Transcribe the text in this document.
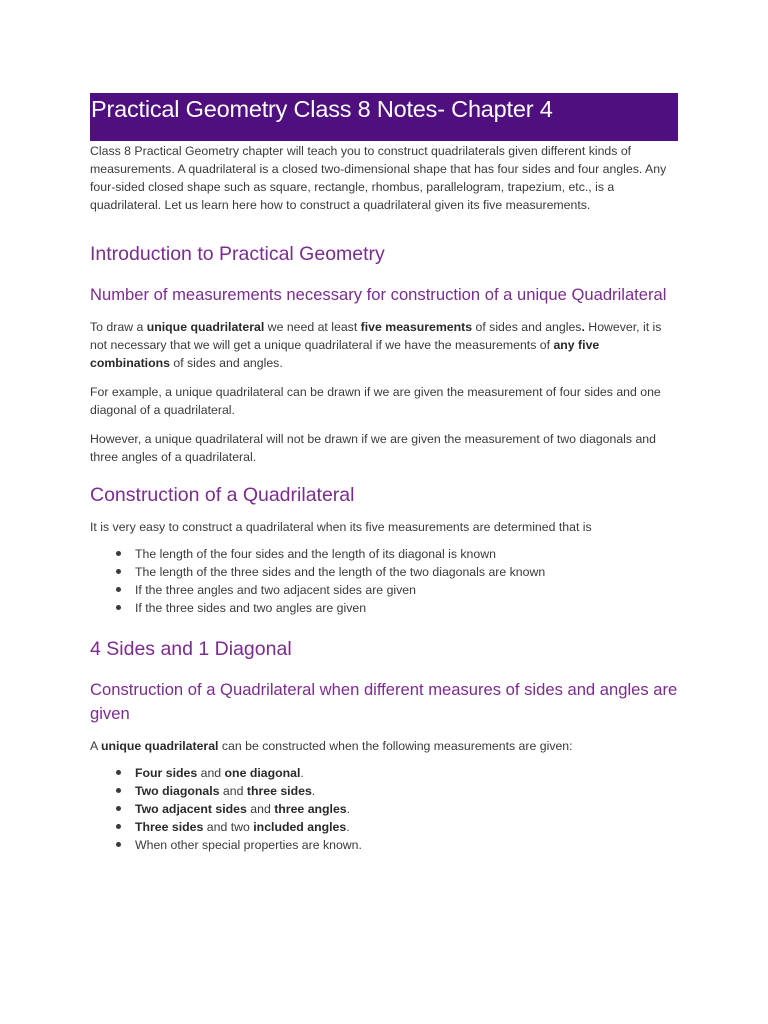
Practical Geometry Class 8 Notes- Chapter 4

Class 8 Practical Geometry chapter will teach you to construct quadrilaterals given different kinds of measurements. A quadrilateral is a closed two-dimensional shape that has four sides and four angles. Any four-sided closed shape such as square, rectangle, rhombus, parallelogram, trapezium, etc., is a quadrilateral. Let us learn here how to construct a quadrilateral given its five measurements.

Introduction to Practical Geometry
Number of measurements necessary for construction of a unique Quadrilateral

To draw a unique quadrilateral we need at least five measurements of sides and angles. However, it is not necessary that we will get a unique quadrilateral if we have the measurements of any five combinations of sides and angles.

For example, a unique quadrilateral can be drawn if we are given the measurement of four sides and one diagonal of a quadrilateral.

However, a unique quadrilateral will not be drawn if we are given the measurement of two diagonals and three angles of a quadrilateral.

Construction of a Quadrilateral

It is very easy to construct a quadrilateral when its five measurements are determined that is

The length of the four sides and the length of its diagonal is known
The length of the three sides and the length of the two diagonals are known
If the three angles and two adjacent sides are given
If the three sides and two angles are given
4 Sides and 1 Diagonal
Construction of a Quadrilateral when different measures of sides and angles are given

A unique quadrilateral can be constructed when the following measurements are given:

Four sides and one diagonal.
Two diagonals and three sides.
Two adjacent sides and three angles.
Three sides and two included angles.
When other special properties are known.
